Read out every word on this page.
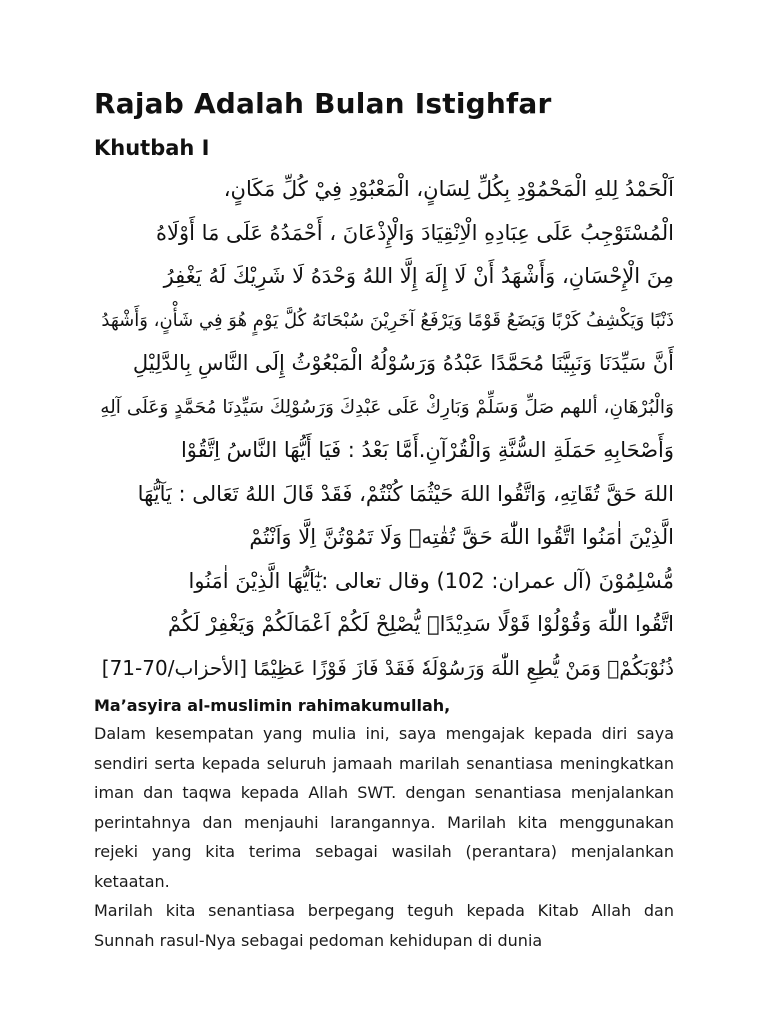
Rajab Adalah Bulan Istighfar
Khutbah I
اَلْحَمْدُ لِلهِ الْمَحْمُوْدِ بِكُلِّ لِسَانٍ، الْمَعْبُوْدِ فِيْ كُلِّ مَكَانٍ،
الْمُسْتَوْجِبُ عَلَى عِبَادِهِ الْاِنْقِيَادَ وَالْإِذْعَانَ ، أَحْمَدُهُ عَلَى مَا أَوْلَاهُ
مِنَ الْإِحْسَانِ، وَأَشْهَدُ أَنْ لَا إِلَهَ إِلَّا اللهُ وَحْدَهُ لَا شَرِيْكَ لَهُ يَغْفِرُ
ذَنْبًا وَيَكْشِفُ كَرْبًا وَيَضَعُ قَوْمًا وَيَرْفَعُ آخَرِيْنَ سُبْحَانَهُ كُلَّ يَوْمٍ هُوَ فِي شَأْنٍ، وَأَشْهَدُ
أَنَّ سَيِّدَنَا وَنَبِيَّنَا مُحَمَّدًا عَبْدُهُ وَرَسُوْلُهُ الْمَبْعُوْثُ إِلَى النَّاسِ بِالدَّلِيْلِ
وَالْبُرْهَانِ، أللهم صَلِّ وَسَلِّمْ وَبَارِكْ عَلَى عَبْدِكَ وَرَسُوْلِكَ سَيِّدِنَا مُحَمَّدٍ وَعَلَى آلِهِ
وَأَصْحَابِهِ حَمَلَةِ السُّنَّةِ وَالْقُرْآنِ.أَمَّا بَعْدُ : فَيَا أَيُّهَا النَّاسُ اِتَّقُوْا
اللهَ حَقَّ تُقَاتِهِ، وَاتَّقُوا اللهَ حَيْثُمَا كُنْتُمْ، فَقَدْ قَالَ اللهُ تَعَالى : يَآيُّهَا
الَّذِيْنَ اٰمَنُوا اتَّقُوا اللّٰهَ حَقَّ تُقٰتِهٖ وَلَا تَمُوْتُنَّ اِلَّا وَاَنْتُمْ
مُّسْلِمُوْنَ (آل عمران: 102) وقال تعالى :يٰٓاَيُّهَا الَّذِيْنَ اٰمَنُوا
اتَّقُوا اللّٰهَ وَقُوْلُوْا قَوْلًا سَدِيْدًاۙ يُّصْلِحْ لَكُمْ اَعْمَالَكُمْ وَيَغْفِرْ لَكُمْ
ذُنُوْبَكُمْۗ وَمَنْ يُّطِعِ اللّٰهَ وَرَسُوْلَهٗ فَقَدْ فَازَ فَوْزًا عَظِيْمًا [الأحزاب/70-71]

Ma’asyira al-muslimin rahimakumullah,

Dalam kesempatan yang mulia ini, saya mengajak kepada diri saya sendiri serta kepada seluruh jamaah marilah senantiasa meningkatkan iman dan taqwa kepada Allah SWT. dengan senantiasa menjalankan perintahnya dan menjauhi larangannya. Marilah kita menggunakan rejeki yang kita terima sebagai wasilah (perantara) menjalankan ketaatan.

Marilah kita senantiasa berpegang teguh kepada Kitab Allah dan Sunnah rasul-Nya sebagai pedoman kehidupan di dunia
